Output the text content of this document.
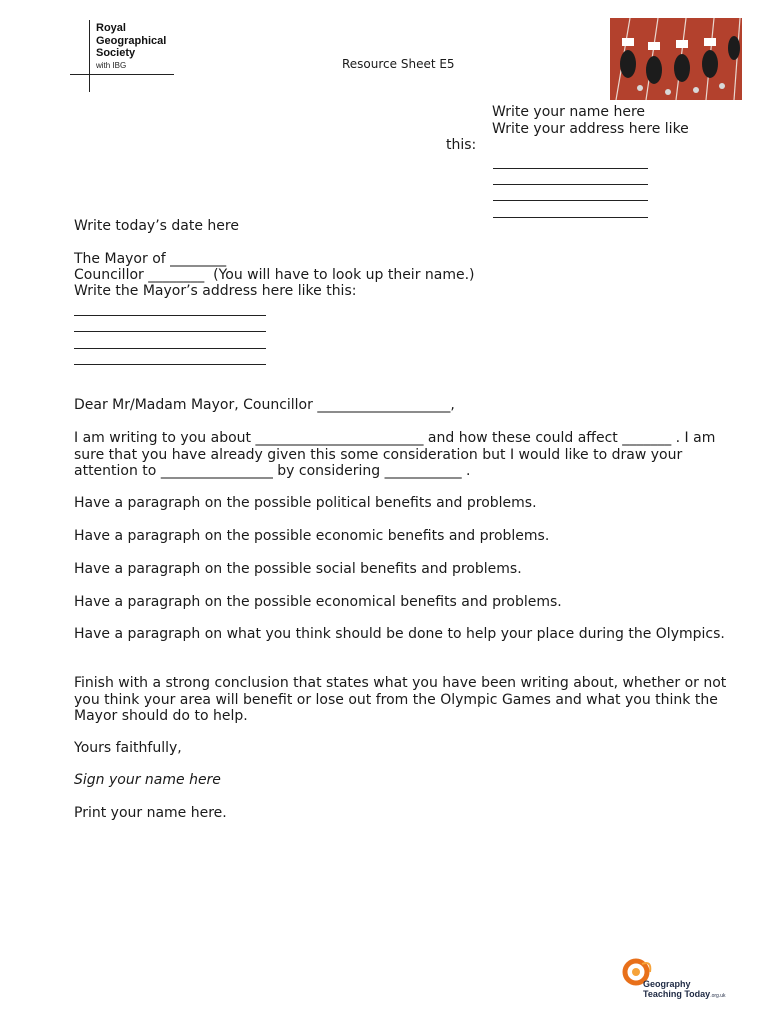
Royal
Geographical
Society
with IBG	Resource Sheet E5
Write your name here
Write your address here like
this:
Write today’s date here
The Mayor of ________
Councillor ________  (You will have to look up their name.)
Write the Mayor’s address here like this:
Dear Mr/Madam Mayor, Councillor ___________________,
I am writing to you about ________________________ and how these could affect _______ . I am sure that you have already given this some consideration but I would like to draw your attention to ________________ by considering ___________ .
Have a paragraph on the possible political benefits and problems.
Have a paragraph on the possible economic benefits and problems.
Have a paragraph on the possible social benefits and problems.
Have a paragraph on the possible economical benefits and problems.
Have a paragraph on what you think should be done to help your place during the Olympics.
Finish with a strong conclusion that states what you have been writing about, whether or not you think your area will benefit or lose out from the Olympic Games and what you think the Mayor should do to help.
Yours faithfully,
Sign your name here
Print your name here.
Geography
Teaching Today.org.uk
